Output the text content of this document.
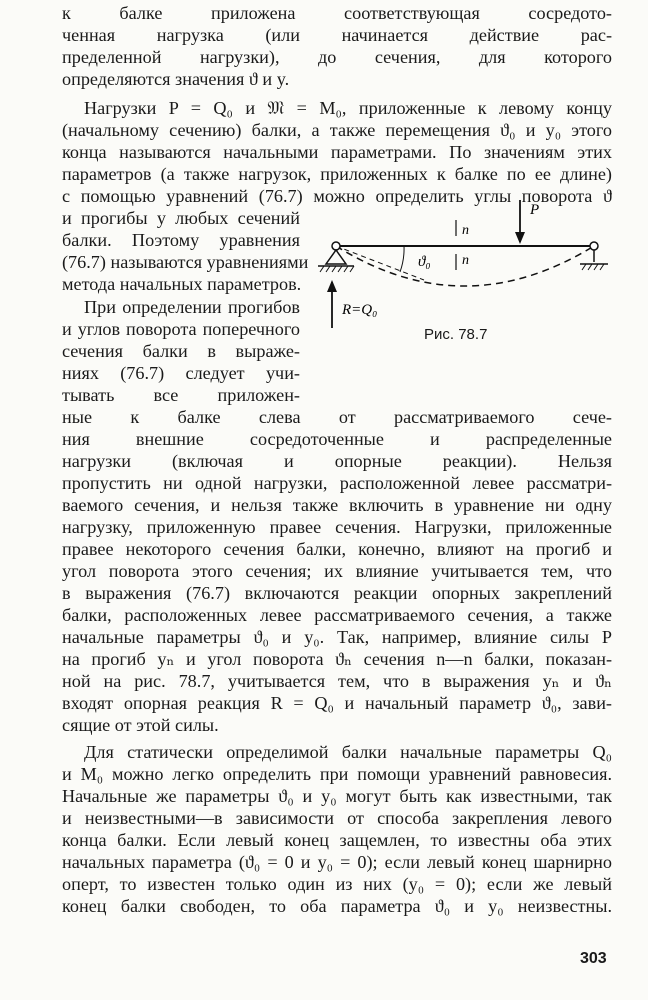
к балке приложена соответствующая сосредото-
ченная нагрузка (или начинается действие рас-
пределенной нагрузки), до сечения, для которого
определяются значения ϑ и y.
Нагрузки P = Q₀ и 𝔐 = M₀, приложенные к левому концу
(начальному сечению) балки, а также перемещения ϑ₀ и y₀ этого
конца называются начальными параметрами. По значениям этих
параметров (а также нагрузок, приложенных к балке по ее длине)
с помощью уравнений (76.7) можно определить углы поворота ϑ
и прогибы y любых сечений
балки. Поэтому уравнения
(76.7) называются уравнениями
метода начальных параметров.
При определении прогибов
и углов поворота поперечного
сечения балки в выраже-
ниях (76.7) следует учи-
тывать все приложен-
ные к балке слева от рассматриваемого сече-
ния внешние сосредоточенные и распределенные
нагрузки (включая и опорные реакции). Нельзя
пропустить ни одной нагрузки, расположенной левее рассматри-
ваемого сечения, и нельзя также включить в уравнение ни одну
нагрузку, приложенную правее сечения. Нагрузки, приложенные
правее некоторого сечения балки, конечно, влияют на прогиб и
угол поворота этого сечения; их влияние учитывается тем, что
в выражения (76.7) включаются реакции опорных закреплений
балки, расположенных левее рассматриваемого сечения, а также
начальные параметры ϑ₀ и y₀. Так, например, влияние силы P
на прогиб yₙ и угол поворота ϑₙ сечения n—n балки, показан-
ной на рис. 78.7, учитывается тем, что в выражения yₙ и ϑₙ
входят опорная реакция R = Q₀ и начальный параметр ϑ₀, зави-
сящие от этой силы.
Для статически определимой балки начальные параметры Q₀
и M₀ можно легко определить при помощи уравнений равновесия.
Начальные же параметры ϑ₀ и y₀ могут быть как известными, так
и неизвестными—в зависимости от способа закрепления левого
конца балки. Если левый конец защемлен, то известны оба этих
начальных параметра (ϑ₀ = 0 и y₀ = 0); если левый конец шарнирно
оперт, то известен только один из них (y₀ = 0); если же левый
конец балки свободен, то оба параметра ϑ₀ и y₀ неизвестны.
P
n
n
ϑ₀
R=Q₀
Рис. 78.7
303
